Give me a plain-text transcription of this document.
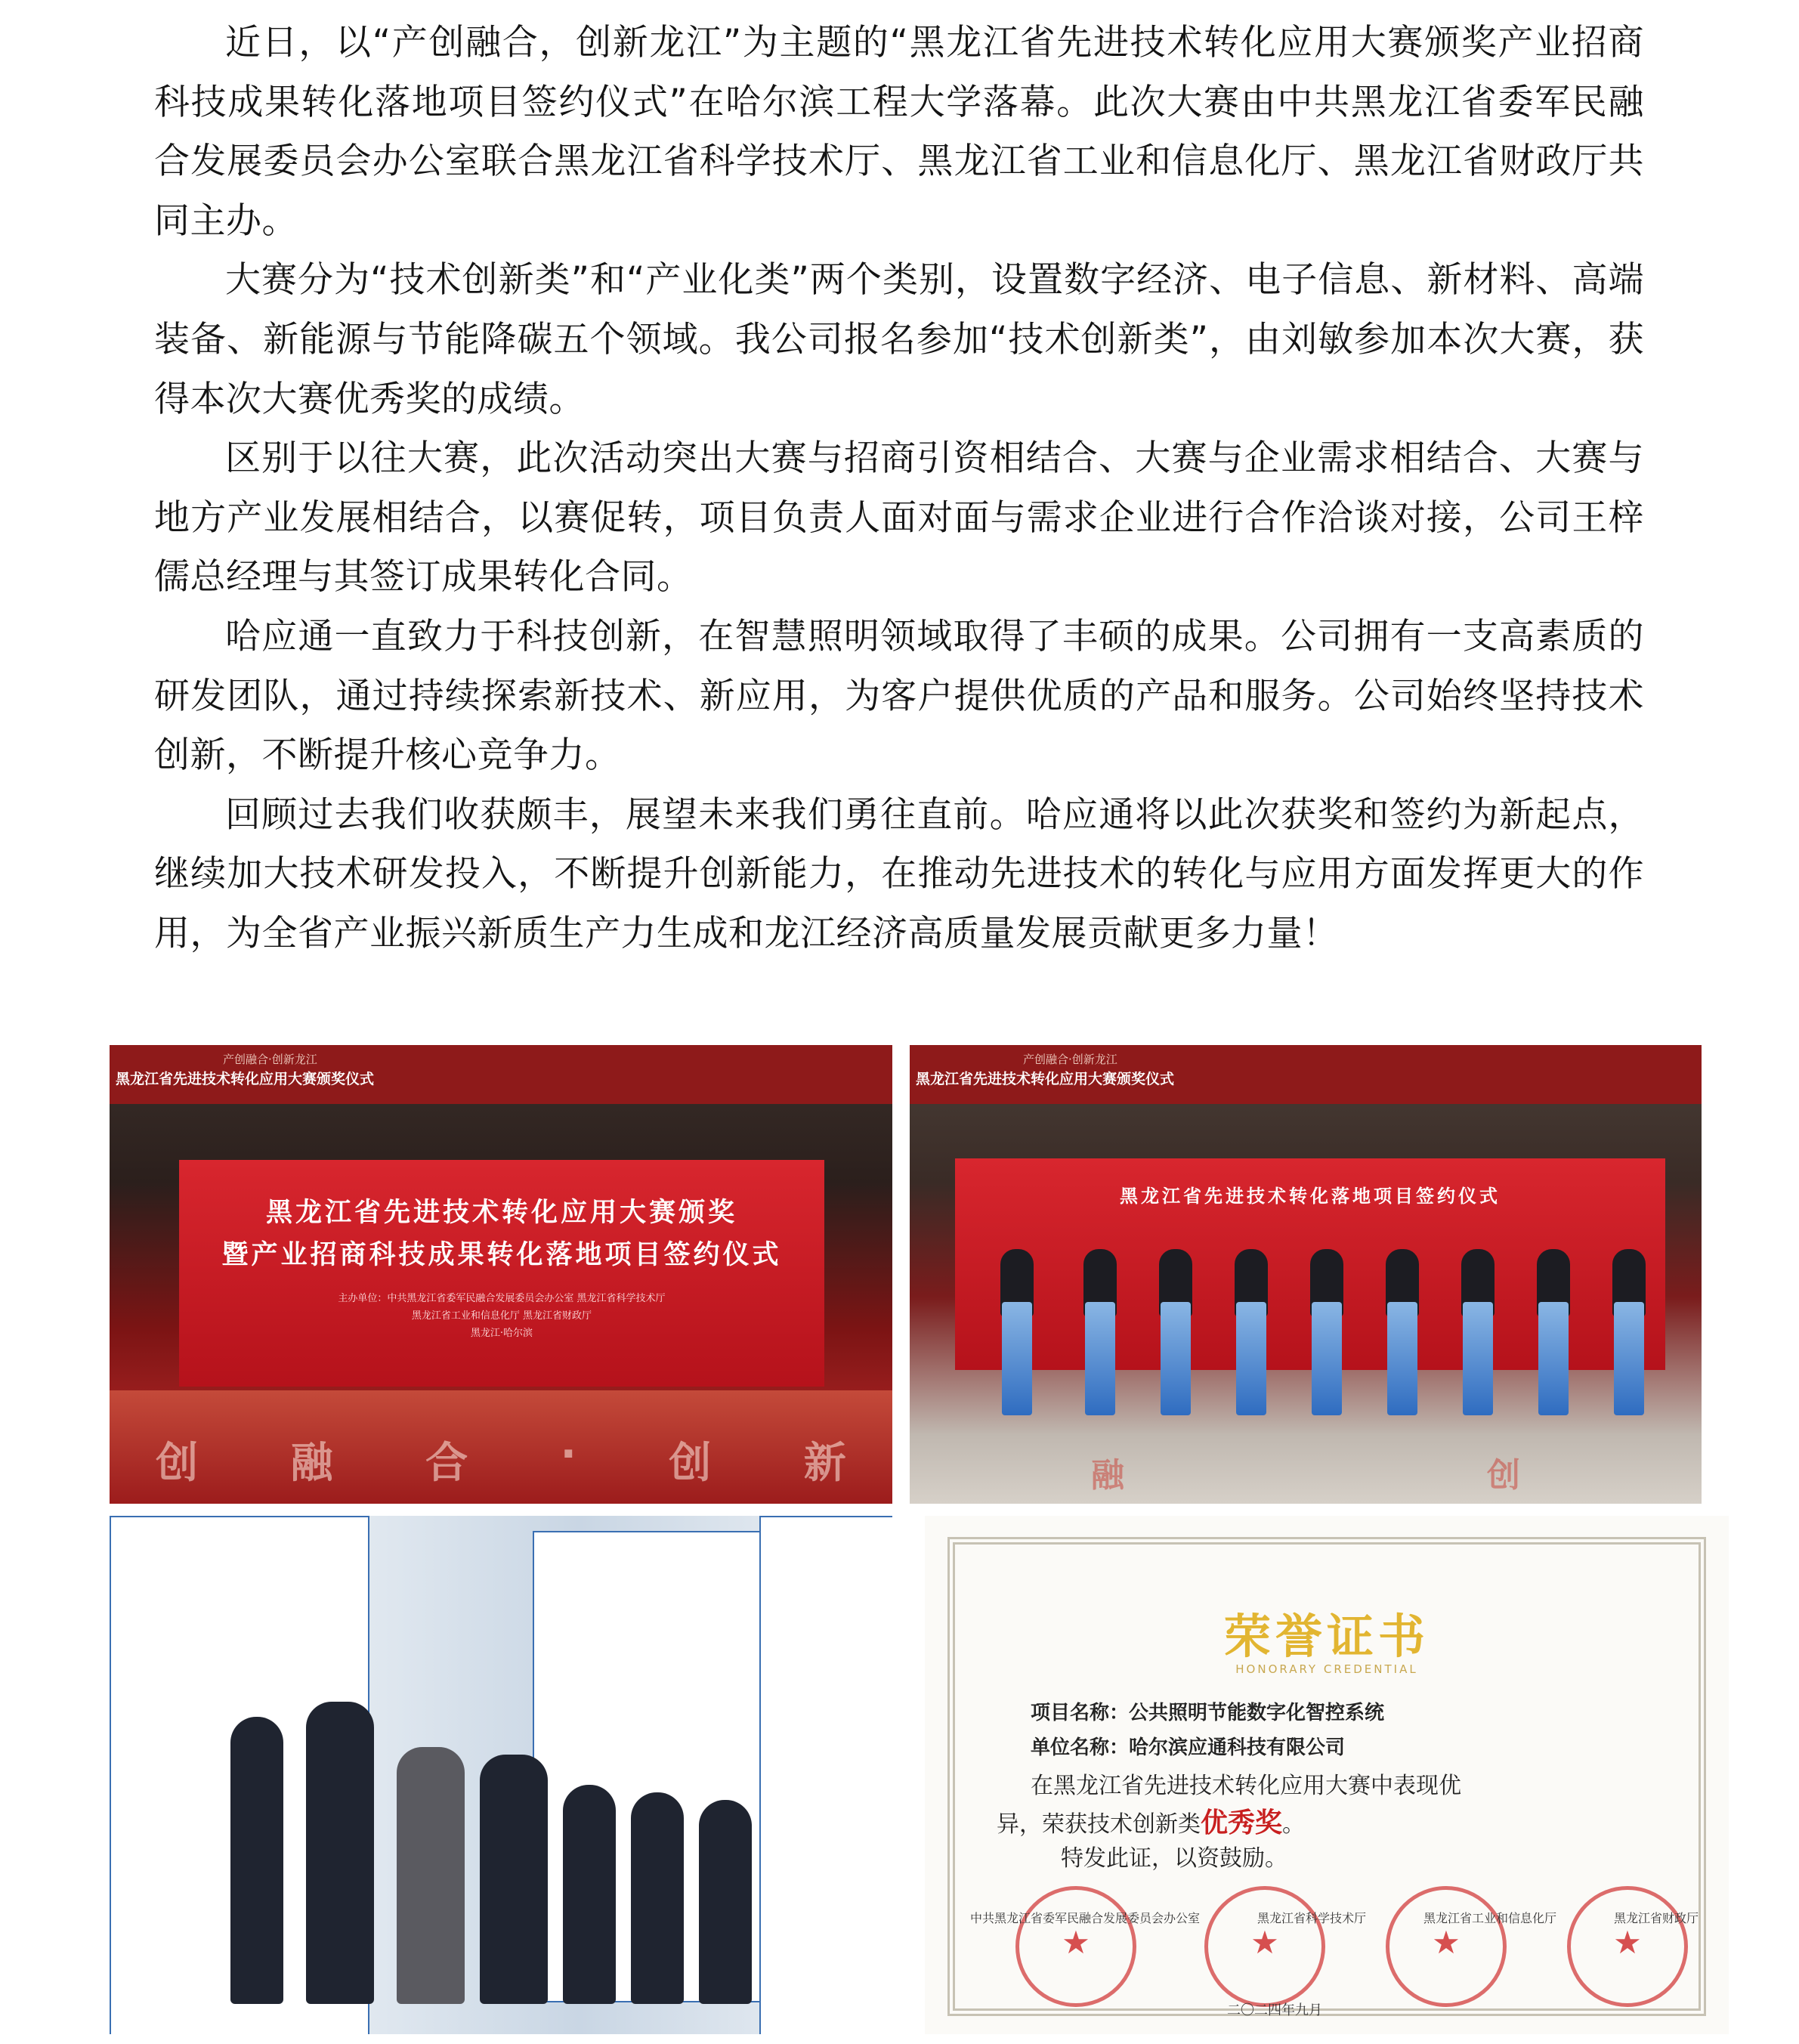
近日，以“产创融合，创新龙江”为主题的“黑龙江省先进技术转化应用大赛颁奖产业招商科技成果转化落地项目签约仪式”在哈尔滨工程大学落幕。此次大赛由中共黑龙江省委军民融合发展委员会办公室联合黑龙江省科学技术厅、黑龙江省工业和信息化厅、黑龙江省财政厅共同主办。

大赛分为“技术创新类”和“产业化类”两个类别，设置数字经济、电子信息、新材料、高端装备、新能源与节能降碳五个领域。我公司报名参加“技术创新类”，由刘敏参加本次大赛，获得本次大赛优秀奖的成绩。

区别于以往大赛，此次活动突出大赛与招商引资相结合、大赛与企业需求相结合、大赛与地方产业发展相结合，以赛促转，项目负责人面对面与需求企业进行合作洽谈对接，公司王梓儒总经理与其签订成果转化合同。

哈应通一直致力于科技创新，在智慧照明领域取得了丰硕的成果。公司拥有一支高素质的研发团队，通过持续探索新技术、新应用，为客户提供优质的产品和服务。公司始终坚持技术创新，不断提升核心竞争力。

回顾过去我们收获颇丰，展望未来我们勇往直前。哈应通将以此次获奖和签约为新起点，继续加大技术研发投入，不断提升创新能力，在推动先进技术的转化与应用方面发挥更大的作用，为全省产业振兴新质生产力生成和龙江经济高质量发展贡献更多力量！

产创融合·创新龙江
黑龙江省先进技术转化应用大赛颁奖仪式
黑龙江省先进技术转化应用大赛颁奖
暨产业招商科技成果转化落地项目签约仪式
主办单位：中共黑龙江省委军民融合发展委员会办公室 黑龙江省科学技术厅
黑龙江省工业和信息化厅 黑龙江省财政厅
黑龙江·哈尔滨
创 融 合 · 创 新
产创融合·创新龙江
黑龙江省先进技术转化应用大赛颁奖仪式
黑龙江省先进技术转化落地项目签约仪式
融	创
荣誉证书
HONORARY CREDENTIAL
项目名称：公共照明节能数字化智控系统
单位名称：哈尔滨应通科技有限公司
在黑龙江省先进技术转化应用大赛中表现优
异，荣获技术创新类优秀奖。
特发此证，以资鼓励。
★	★	★	★
中共黑龙江省委军民融合发展委员会办公室	黑龙江省科学技术厅	黑龙江省工业和信息化厅	黑龙江省财政厅
二〇二四年九月
